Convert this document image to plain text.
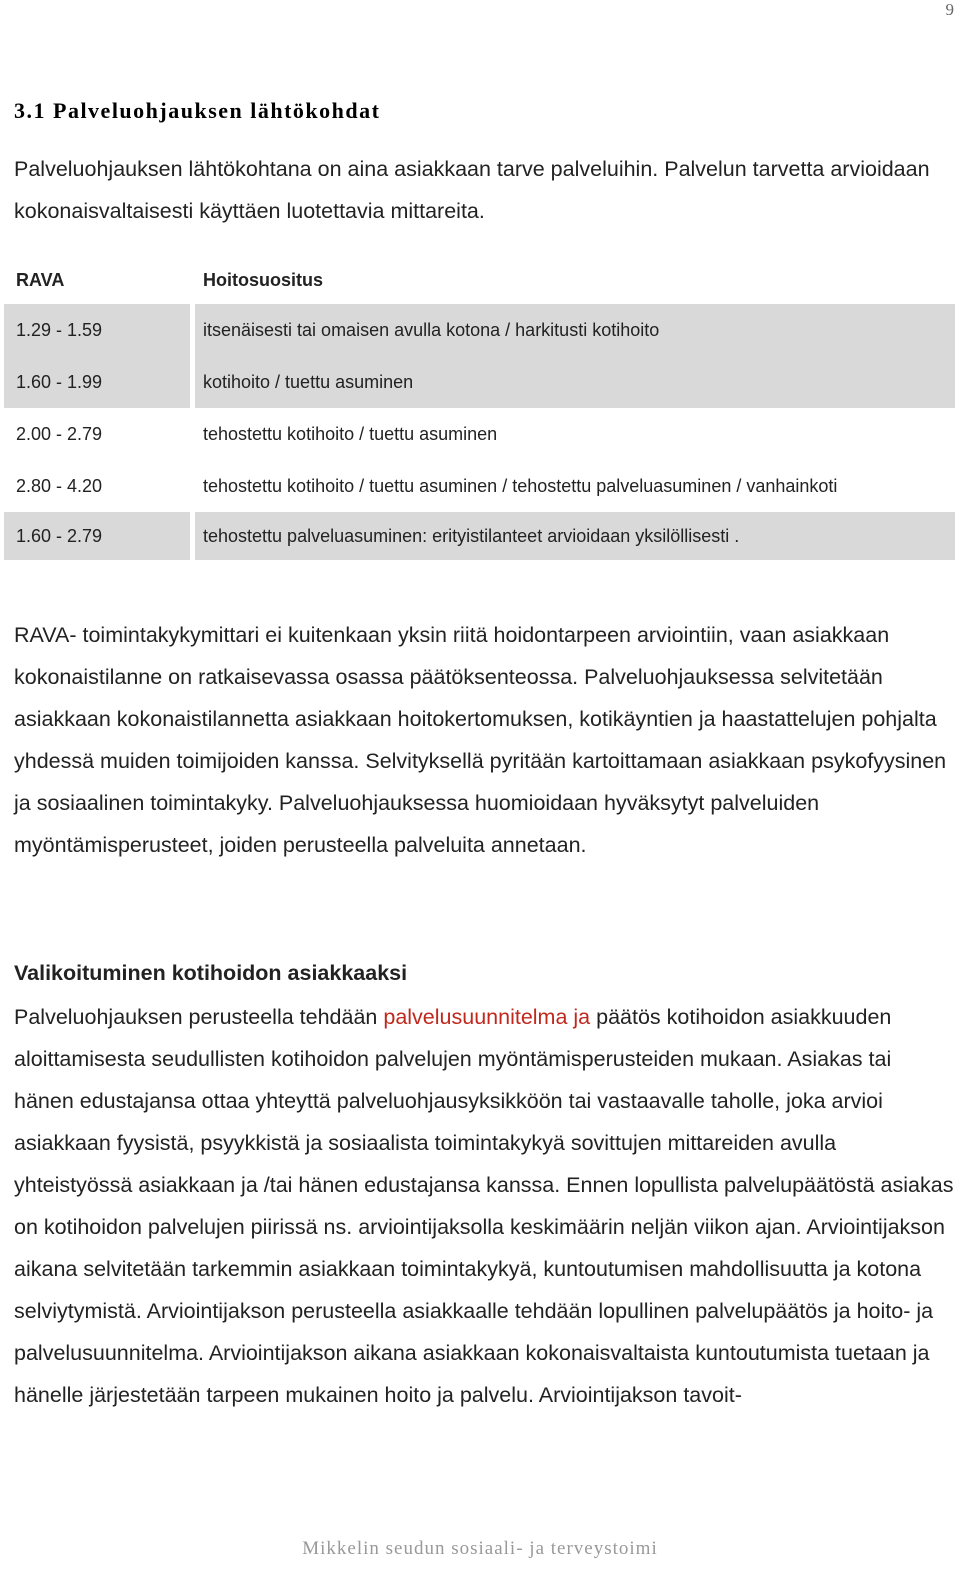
9
3.1 Palveluohjauksen lähtökohdat

Palveluohjauksen lähtökohtana on aina asiakkaan tarve palveluihin. Palvelun tarvetta arvioidaan kokonaisvaltaisesti käyttäen luotettavia mittareita.

RAVA		Hoitosuositus

1.29 - 1.59		itsenäisesti tai omaisen avulla kotona / harkitusti kotihoito
1.60 - 1.99		kotihoito / tuettu asuminen
2.00 - 2.79		tehostettu kotihoito / tuettu asuminen
2.80 - 4.20		tehostettu kotihoito / tuettu asuminen / tehostettu palveluasuminen / vanhainkoti
1.60 - 2.79		tehostettu palveluasuminen: erityistilanteet arvioidaan yksilöllisesti .

RAVA- toimintakykymittari ei kuitenkaan yksin riitä hoidontarpeen arviointiin, vaan asiakkaan kokonaistilanne on ratkaisevassa osassa päätöksenteossa. Palveluohjauksessa selvitetään asiakkaan kokonaistilannetta asiakkaan hoitokertomuksen, kotikäyntien ja haastattelujen pohjalta yhdessä muiden toimijoiden kanssa. Selvityksellä pyritään kartoittamaan asiakkaan psykofyysinen ja sosiaalinen toimintakyky. Palveluohjauksessa huomioidaan hyväksytyt palveluiden myöntämisperusteet, joiden perusteella palveluita annetaan.

Valikoituminen kotihoidon asiakkaaksi

Palveluohjauksen perusteella tehdään palvelusuunnitelma ja päätös kotihoidon asiakkuuden aloittamisesta seudullisten kotihoidon palvelujen myöntämisperusteiden mukaan. Asiakas tai hänen edustajansa ottaa yhteyttä palveluohjausyksikköön tai vastaavalle taholle, joka arvioi asiakkaan fyysistä, psyykkistä ja sosiaalista toimintakykyä sovittujen mittareiden avulla yhteistyössä asiakkaan ja /tai hänen edustajansa kanssa. Ennen lopullista palvelupäätöstä asiakas on kotihoidon palvelujen piirissä ns. arviointijaksolla keskimäärin neljän viikon ajan. Arviointijakson aikana selvitetään tarkemmin asiakkaan toimintakykyä, kuntoutumisen mahdollisuutta ja kotona selviytymistä. Arviointijakson perusteella asiakkaalle tehdään lopullinen palvelupäätös ja hoito- ja palvelusuunnitelma. Arviointijakson aikana asiakkaan kokonaisvaltaista kuntoutumista tuetaan ja hänelle järjestetään tarpeen mukainen hoito ja palvelu. Arviointijakson tavoit-

Mikkelin seudun sosiaali- ja terveystoimi
